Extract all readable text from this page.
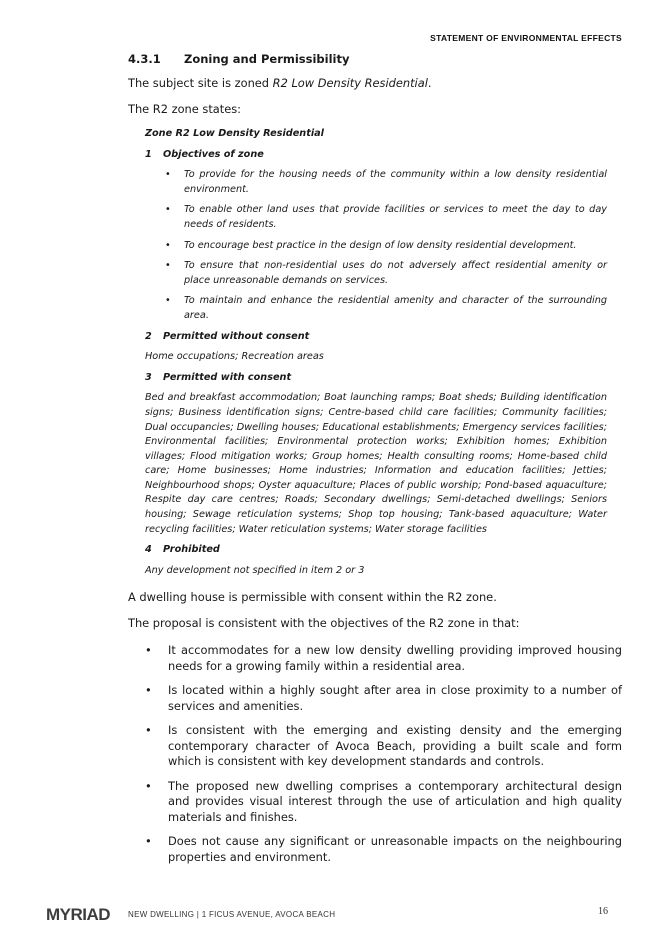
STATEMENT OF ENVIRONMENTAL EFFECTS
4.3.1	Zoning and Permissibility

The subject site is zoned R2 Low Density Residential.

The R2 zone states:

Zone R2 Low Density Residential

1 Objectives of zone

• To provide for the housing needs of the community within a low density residential environment.
• To enable other land uses that provide facilities or services to meet the day to day needs of residents.
• To encourage best practice in the design of low density residential development.
• To ensure that non-residential uses do not adversely affect residential amenity or place unreasonable demands on services.
• To maintain and enhance the residential amenity and character of the surrounding area.

2 Permitted without consent

Home occupations; Recreation areas

3 Permitted with consent

Bed and breakfast accommodation; Boat launching ramps; Boat sheds; Building identification signs; Business identification signs; Centre-based child care facilities; Community facilities; Dual occupancies; Dwelling houses; Educational establishments; Emergency services facilities; Environmental facilities; Environmental protection works; Exhibition homes; Exhibition villages; Flood mitigation works; Group homes; Health consulting rooms; Home-based child care; Home businesses; Home industries; Information and education facilities; Jetties; Neighbourhood shops; Oyster aquaculture; Places of public worship; Pond-based aquaculture; Respite day care centres; Roads; Secondary dwellings; Semi-detached dwellings; Seniors housing; Sewage reticulation systems; Shop top housing; Tank-based aquaculture; Water recycling facilities; Water reticulation systems; Water storage facilities

4 Prohibited

Any development not specified in item 2 or 3

A dwelling house is permissible with consent within the R2 zone.

The proposal is consistent with the objectives of the R2 zone in that:

• It accommodates for a new low density dwelling providing improved housing needs for a growing family within a residential area.
• Is located within a highly sought after area in close proximity to a number of services and amenities.
• Is consistent with the emerging and existing density and the emerging contemporary character of Avoca Beach, providing a built scale and form which is consistent with key development standards and controls.
• The proposed new dwelling comprises a contemporary architectural design and provides visual interest through the use of articulation and high quality materials and finishes.
• Does not cause any significant or unreasonable impacts on the neighbouring properties and environment.
MYRIAD NEW DWELLING | 1 FICUS AVENUE, AVOCA BEACH	16
